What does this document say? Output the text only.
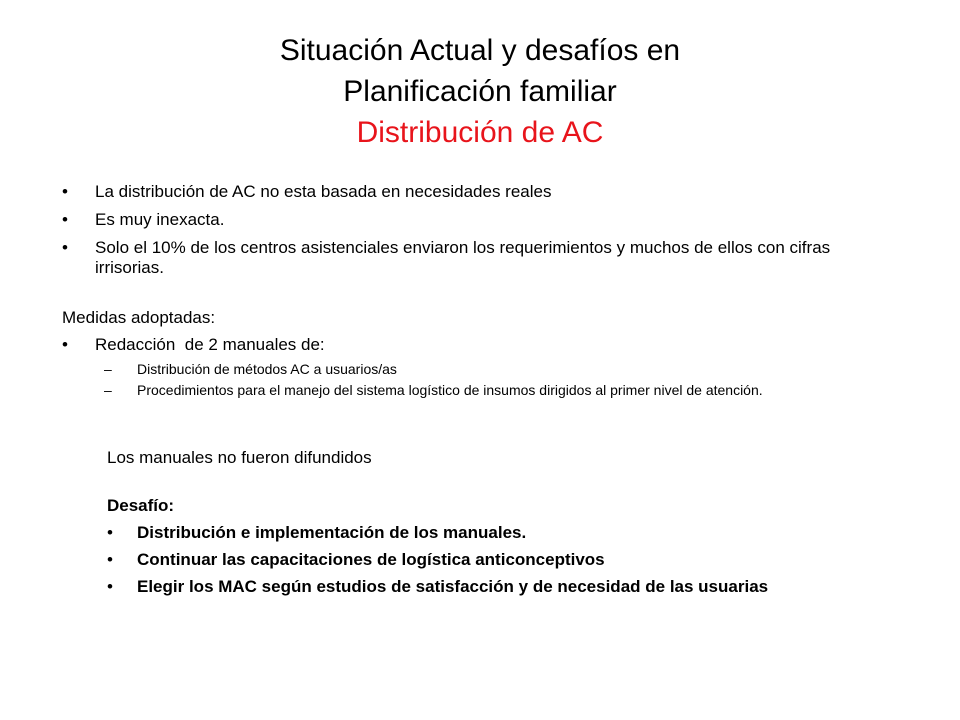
Situación Actual y desafíos en
Planificación familiar
Distribución de AC
•	La distribución de AC no esta basada en necesidades reales
•	Es muy inexacta.
•	Solo el 10% de los centros asistenciales enviaron los requerimientos y muchos de ellos con cifras irrisorias.
Medidas adoptadas:
•	Redacción  de 2 manuales de:
– Distribución de métodos AC a usuarios/as
– Procedimientos para el manejo del sistema logístico de insumos dirigidos al primer nivel de atención.
Los manuales no fueron difundidos
Desafío:
• Distribución e implementación de los manuales.
• Continuar las capacitaciones de logística anticonceptivos
• Elegir los MAC según estudios de satisfacción y de necesidad de las usuarias
